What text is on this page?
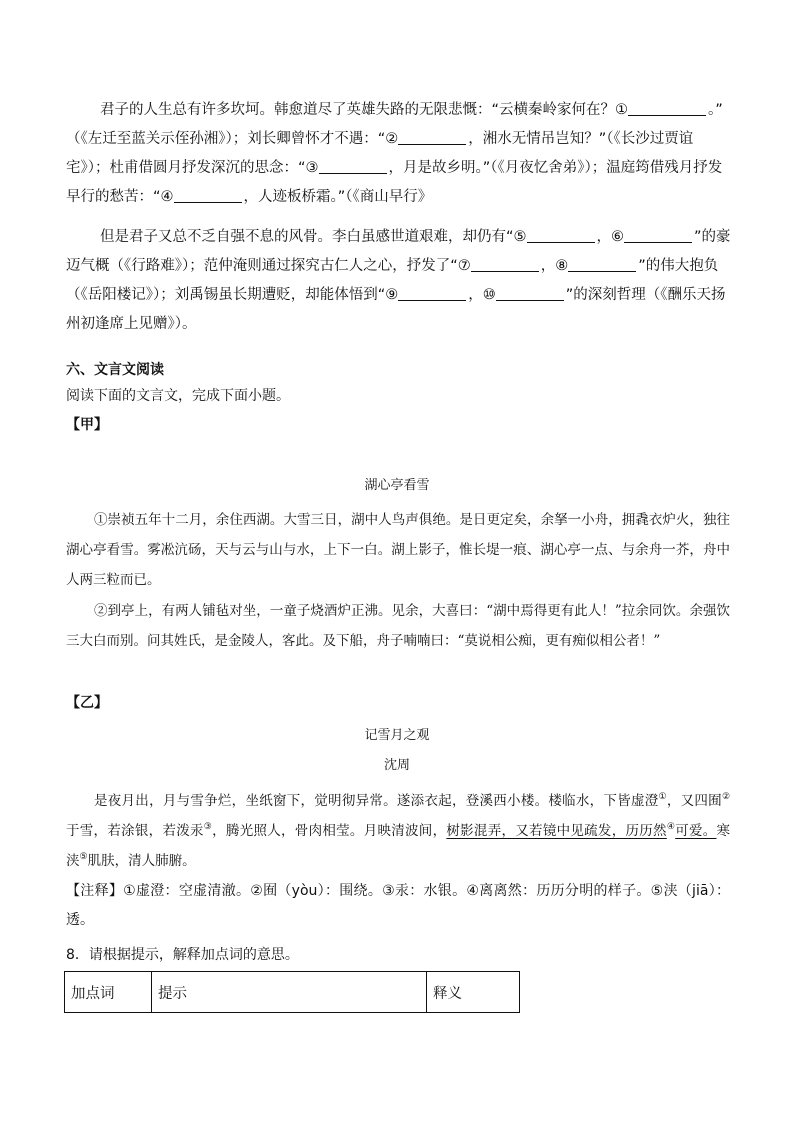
君子的人生总有许多坎坷。韩愈道尽了英雄失路的无限悲慨：“云横秦岭家何在？①	。”
（《左迁至蓝关示侄孙湘》）；刘长卿曾怀才不遇：“②	，湘水无情吊岂知？”（《长沙过贾谊
宅》）；杜甫借圆月抒发深沉的思念：“③	，月是故乡明。”（《月夜忆舍弟》）；温庭筠借残月抒发
早行的愁苦：“④	，人迹板桥霜。”（《商山早行》
但是君子又总不乏自强不息的风骨。李白虽感世道艰难，却仍有“⑤	，⑥	”的豪
迈气概（《行路难》）；范仲淹则通过探究古仁人之心，抒发了“⑦	，⑧	”的伟大抱负
（《岳阳楼记》）；刘禹锡虽长期遭贬，却能体悟到“⑨	，⑩	”的深刻哲理（《酬乐天扬
州初逢席上见赠》）。
六、文言文阅读
阅读下面的文言文，完成下面小题。
【甲】
湖心亭看雪

①崇祯五年十二月，余住西湖。大雪三日，湖中人鸟声俱绝。是日更定矣，余拏一小舟，拥毳衣炉火，独往湖心亭看雪。雾凇沆砀，天与云与山与水，上下一白。湖上影子，惟长堤一痕、湖心亭一点、与余舟一芥，舟中人两三粒而已。

②到亭上，有两人铺毡对坐，一童子烧酒炉正沸。见余，大喜曰：“湖中焉得更有此人！”拉余同饮。余强饮三大白而别。问其姓氏，是金陵人，客此。及下船，舟子喃喃曰：“莫说相公痴，更有痴似相公者！”

【乙】
记雪月之观
沈周

是夜月出，月与雪争烂，坐纸窗下，觉明彻异常。遂添衣起，登溪西小楼。楼临水，下皆虚澄①，又四囿②于雪，若涂银，若泼汞③，腾光照人，骨肉相莹。月映清波间，树影混弄，又若镜中见疏发，历历然④可爱。寒浃⑤肌肤，清人肺腑。

【注释】①虚澄：空虚清澈。②囿（yòu）：围绕。③汞：水银。④离离然：历历分明的样子。⑤浃（jiā）：透。

8．请根据提示，解释加点词的意思。
加点词	提示	释义
